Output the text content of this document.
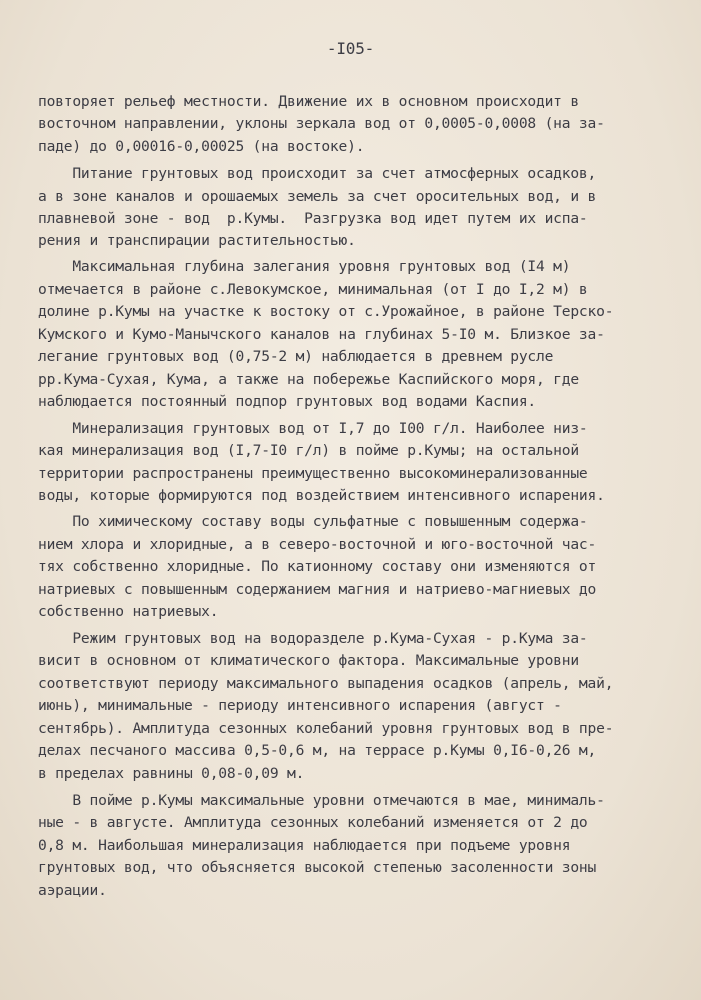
-I05-
повторяет рельеф местности. Движение их в основном происходит в
восточном направлении, уклоны зеркала вод от 0,0005-0,0008 (на за-
паде) до 0,00016-0,00025 (на востоке).
Питание грунтовых вод происходит за счет атмосферных осадков,
а в зоне каналов и орошаемых земель за счет оросительных вод, и в
плавневой зоне - вод  р.Кумы.  Разгрузка вод идет путем их испа-
рения и транспирации растительностью.
Максимальная глубина залегания уровня грунтовых вод (I4 м)
отмечается в районе с.Левокумское, минимальная (от I до I,2 м) в
долине р.Кумы на участке к востоку от с.Урожайное, в районе Терско-
Кумского и Кумо-Манычского каналов на глубинах 5-I0 м. Близкое за-
легание грунтовых вод (0,75-2 м) наблюдается в древнем русле
рр.Кума-Сухая, Кума, а также на побережье Каспийского моря, где
наблюдается постоянный подпор грунтовых вод водами Каспия.
Минерализация грунтовых вод от I,7 до I00 г/л. Наиболее низ-
кая минерализация вод (I,7-I0 г/л) в пойме р.Кумы; на остальной
территории распространены преимущественно высокоминерализованные
воды, которые формируются под воздействием интенсивного испарения.
По химическому составу воды сульфатные с повышенным содержа-
нием хлора и хлоридные, а в северо-восточной и юго-восточной час-
тях собственно хлоридные. По катионному составу они изменяются от
натриевых с повышенным содержанием магния и натриево-магниевых до
собственно натриевых.
Режим грунтовых вод на водоразделе р.Кума-Сухая - р.Кума за-
висит в основном от климатического фактора. Максимальные уровни
соответствуют периоду максимального выпадения осадков (апрель, май,
июнь), минимальные - периоду интенсивного испарения (август -
сентябрь). Амплитуда сезонных колебаний уровня грунтовых вод в пре-
делах песчаного массива 0,5-0,6 м, на террасе р.Кумы 0,I6-0,26 м,
в пределах равнины 0,08-0,09 м.
В пойме р.Кумы максимальные уровни отмечаются в мае, минималь-
ные - в августе. Амплитуда сезонных колебаний изменяется от 2 до
0,8 м. Наибольшая минерализация наблюдается при подъеме уровня
грунтовых вод, что объясняется высокой степенью засоленности зоны
аэрации.
